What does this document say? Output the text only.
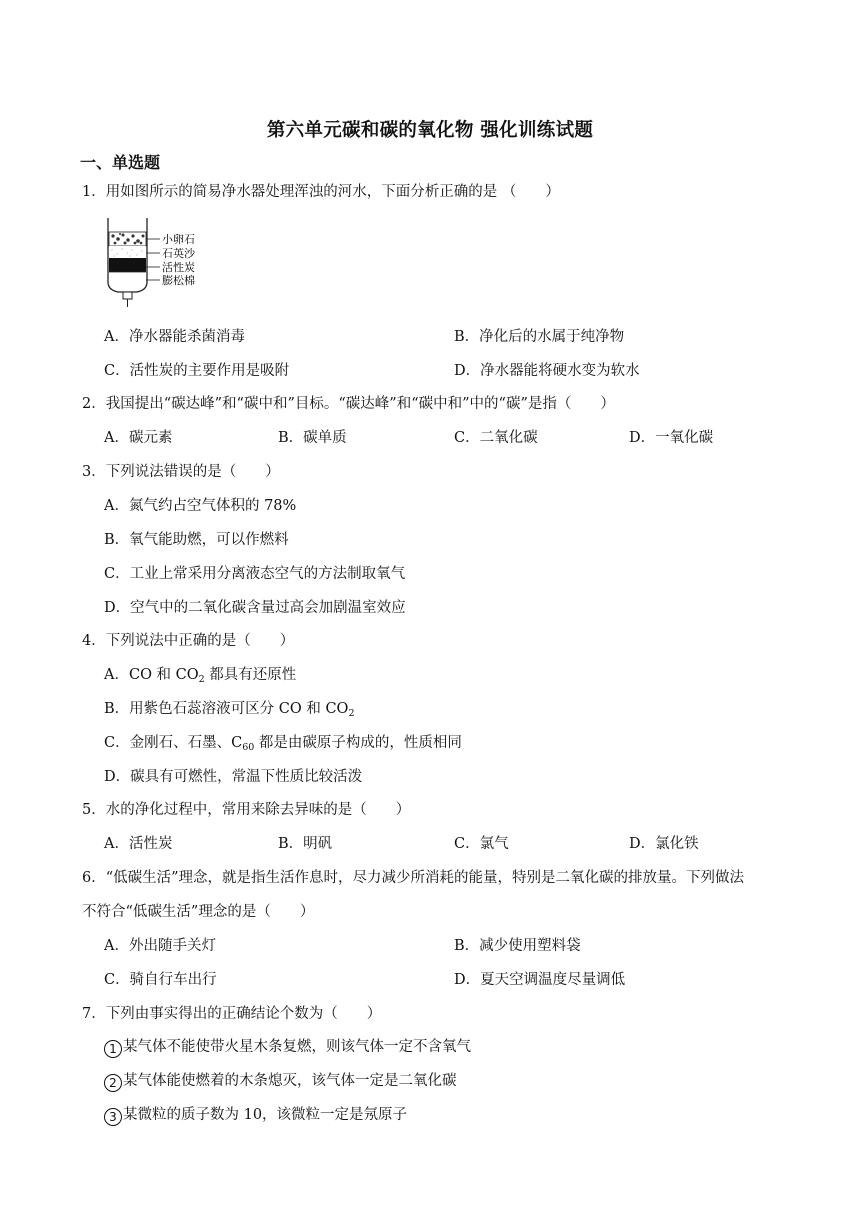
第六单元碳和碳的氧化物 强化训练试题
一、单选题
1．用如图所示的简易净水器处理浑浊的河水，下面分析正确的是 （　　）
小卵石
石英沙
活性炭
膨松棉
A．净水器能杀菌消毒	B．净化后的水属于纯净物
C．活性炭的主要作用是吸附	D．净水器能将硬水变为软水
2．我国提出“碳达峰”和“碳中和”目标。“碳达峰”和“碳中和”中的“碳”是指（　　）
A．碳元素	B．碳单质	C．二氧化碳	D．一氧化碳
3．下列说法错误的是（　　）
A．氮气约占空气体积的 78%
B．氧气能助燃，可以作燃料
C．工业上常采用分离液态空气的方法制取氧气
D．空气中的二氧化碳含量过高会加剧温室效应
4．下列说法中正确的是（　　）
A．CO 和 $CO_2$ 都具有还原性
B．用紫色石蕊溶液可区分 CO 和 $CO_2$
C．金刚石、石墨、$C_{60}$ 都是由碳原子构成的，性质相同
D．碳具有可燃性，常温下性质比较活泼
5．水的净化过程中，常用来除去异味的是（　　）
A．活性炭	B．明矾	C．氯气	D．氯化铁
6．“低碳生活”理念，就是指生活作息时，尽力减少所消耗的能量，特别是二氧化碳的排放量。下列做法
不符合“低碳生活”理念的是（　　）
A．外出随手关灯	B．减少使用塑料袋
C．骑自行车出行	D．夏天空调温度尽量调低
7．下列由事实得出的正确结论个数为（　　）
1 某气体不能使带火星木条复燃，则该气体一定不含氧气
2 某气体能使燃着的木条熄灭，该气体一定是二氧化碳
3 某微粒的质子数为 10，该微粒一定是氖原子
